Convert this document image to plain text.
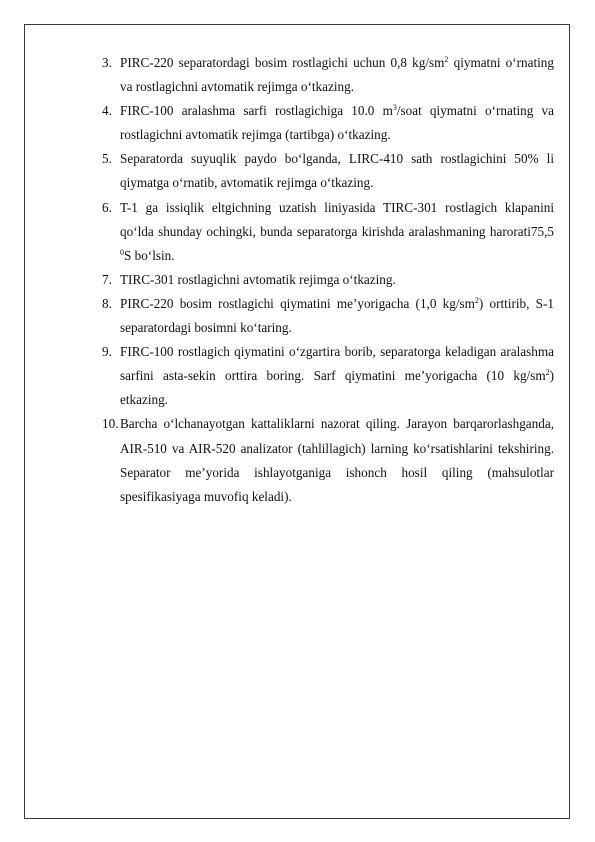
3. PIRC-220 separatordagi bosim rostlagichi uchun 0,8 $kg/sm^2$ qiymatni o‘rnating va rostlagichni avtomatik rejimga o‘tkazing.
4. FIRC-100 aralashma sarfi rostlagichiga 10.0 $m^3$/soat qiymatni o‘rnating va rostlagichni avtomatik rejimga (tartibga) o‘tkazing.
5. Separatorda suyuqlik paydo bo‘lganda, LIRC-410 sath rostlagichini 50% li qiymatga o‘rnatib, avtomatik rejimga o‘tkazing.
6. T-1 ga issiqlik eltgichning uzatish liniyasida TIRC-301 rostlagich klapanini qo‘lda shunday ochingki, bunda separatorga kirishda aralashmaning harorati75,5 $^0$S bo‘lsin.
7. TIRC-301 rostlagichni avtomatik rejimga o‘tkazing.
8. PIRC-220 bosim rostlagichi qiymatini me’yorigacha (1,0 $kg/sm^2$) orttirib, S-1 separatordagi bosimni ko‘taring.
9. FIRC-100 rostlagich qiymatini o‘zgartira borib, separatorga keladigan aralashma sarfini asta-sekin orttira boring. Sarf qiymatini me’yorigacha (10 $kg/sm^2$) etkazing.
10. Barcha o‘lchanayotgan kattaliklarni nazorat qiling. Jarayon barqarorlashganda, AIR-510 va AIR-520 analizator (tahlillagich) larning ko‘rsatishlarini tekshiring. Separator me’yorida ishlayotganiga ishonch hosil qiling (mahsulotlar spesifikasiyaga muvofiq keladi).
